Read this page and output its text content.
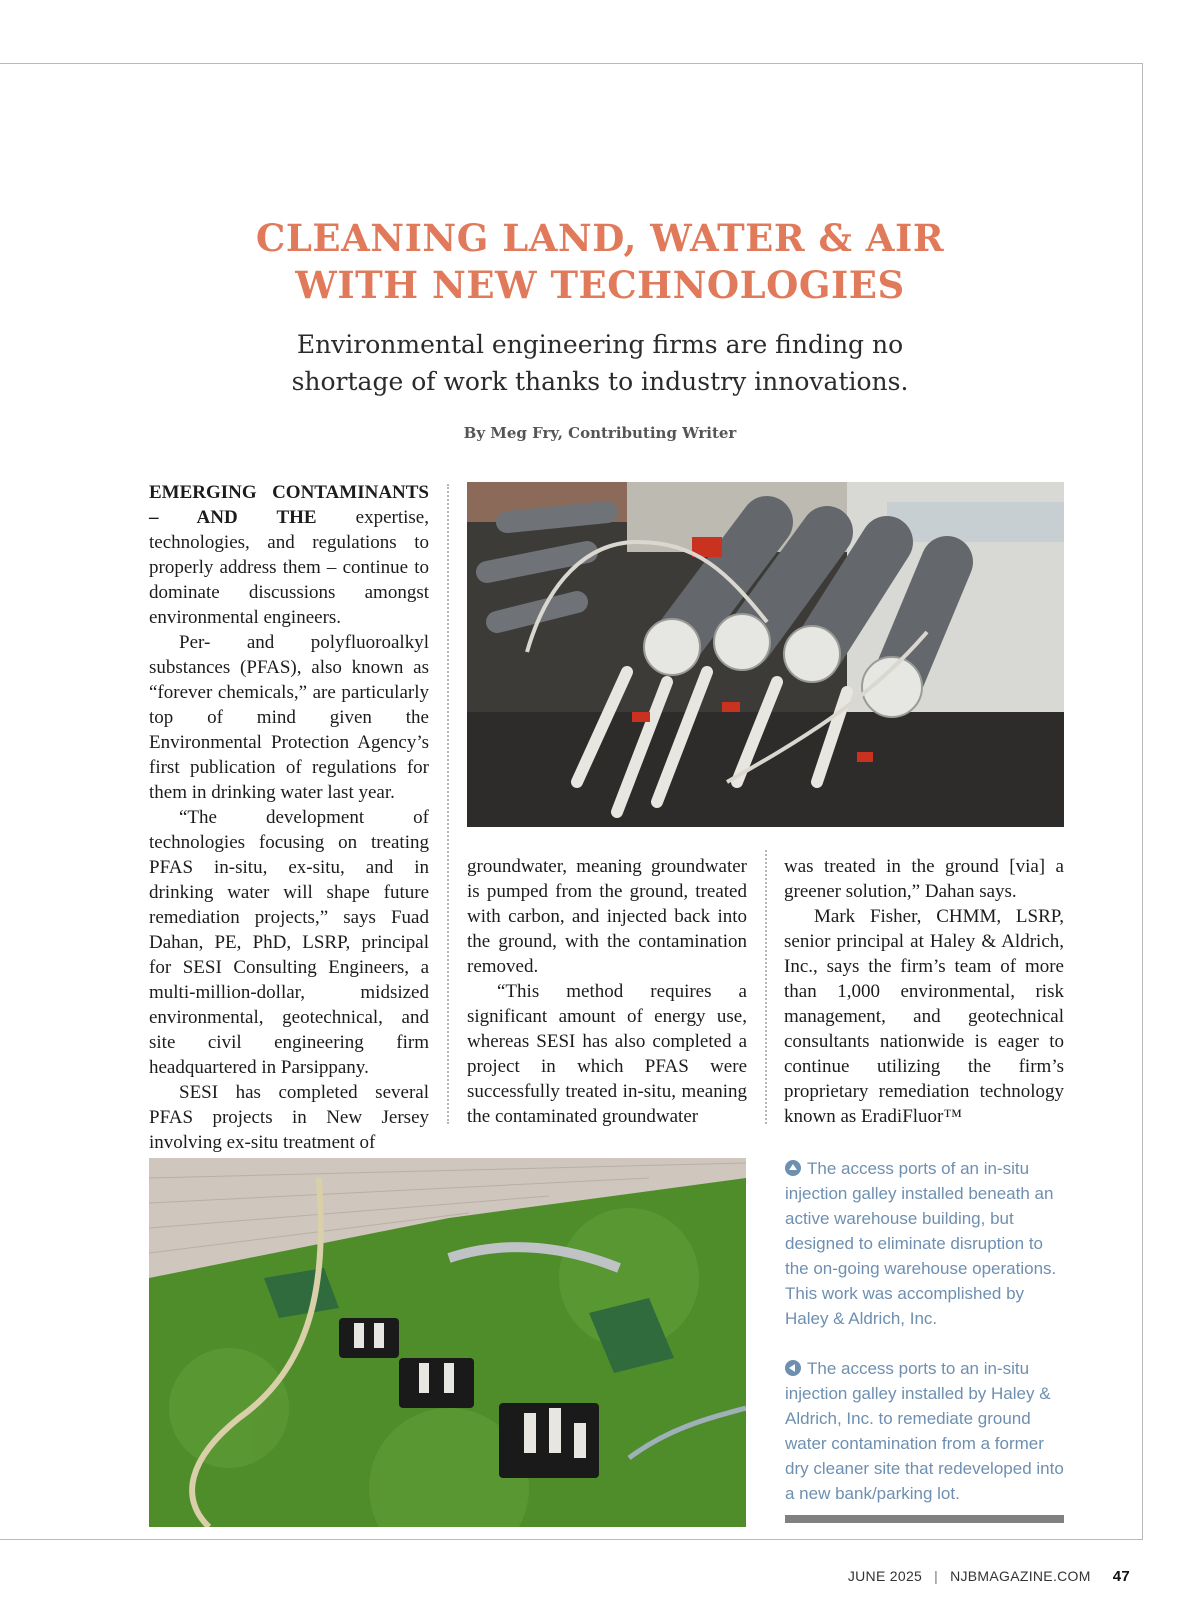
CLEANING LAND, WATER & AIR
WITH NEW TECHNOLOGIES
Environmental engineering firms are finding no
shortage of work thanks to industry innovations.
By Meg Fry, Contributing Writer

EMERGING CONTAMINANTS – AND THE expertise, technologies, and regulations to properly address them – continue to dominate discussions amongst environmental engineers.

Per- and polyfluoroalkyl substances (PFAS), also known as “forever chemicals,” are particularly top of mind given the Environmental Protection Agency’s first publication of regulations for them in drinking water last year.

“The development of technologies focusing on treating PFAS in-situ, ex-situ, and in drinking water will shape future remediation projects,” says Fuad Dahan, PE, PhD, LSRP, principal for SESI Consulting Engineers, a multi-million-dollar, midsized environmental, geotechnical, and site civil engineering firm headquartered in Parsippany.

SESI has completed several PFAS projects in New Jersey involving ex-situ treatment of

groundwater, meaning groundwater is pumped from the ground, treated with carbon, and injected back into the ground, with the contamination removed.

“This method requires a significant amount of energy use, whereas SESI has also completed a project in which PFAS were successfully treated in-situ, meaning the contaminated groundwater

was treated in the ground [via] a greener solution,” Dahan says.

Mark Fisher, CHMM, LSRP, senior principal at Haley & Aldrich, Inc., says the firm’s team of more than 1,000 environmental, risk management, and geotechnical consultants nationwide is eager to continue utilizing the firm’s proprietary remediation technology known as EradiFluor™

The access ports of an in-situ injection galley installed beneath an active warehouse building, but designed to eliminate disruption to the on-going warehouse operations. This work was accomplished by Haley & Aldrich, Inc.
The access ports to an in-situ injection galley installed by Haley & Aldrich, Inc. to remediate ground water contamination from a former dry cleaner site that redeveloped into a new bank/parking lot.
JUNE 2025 | NJBMAGAZINE.COM 47
